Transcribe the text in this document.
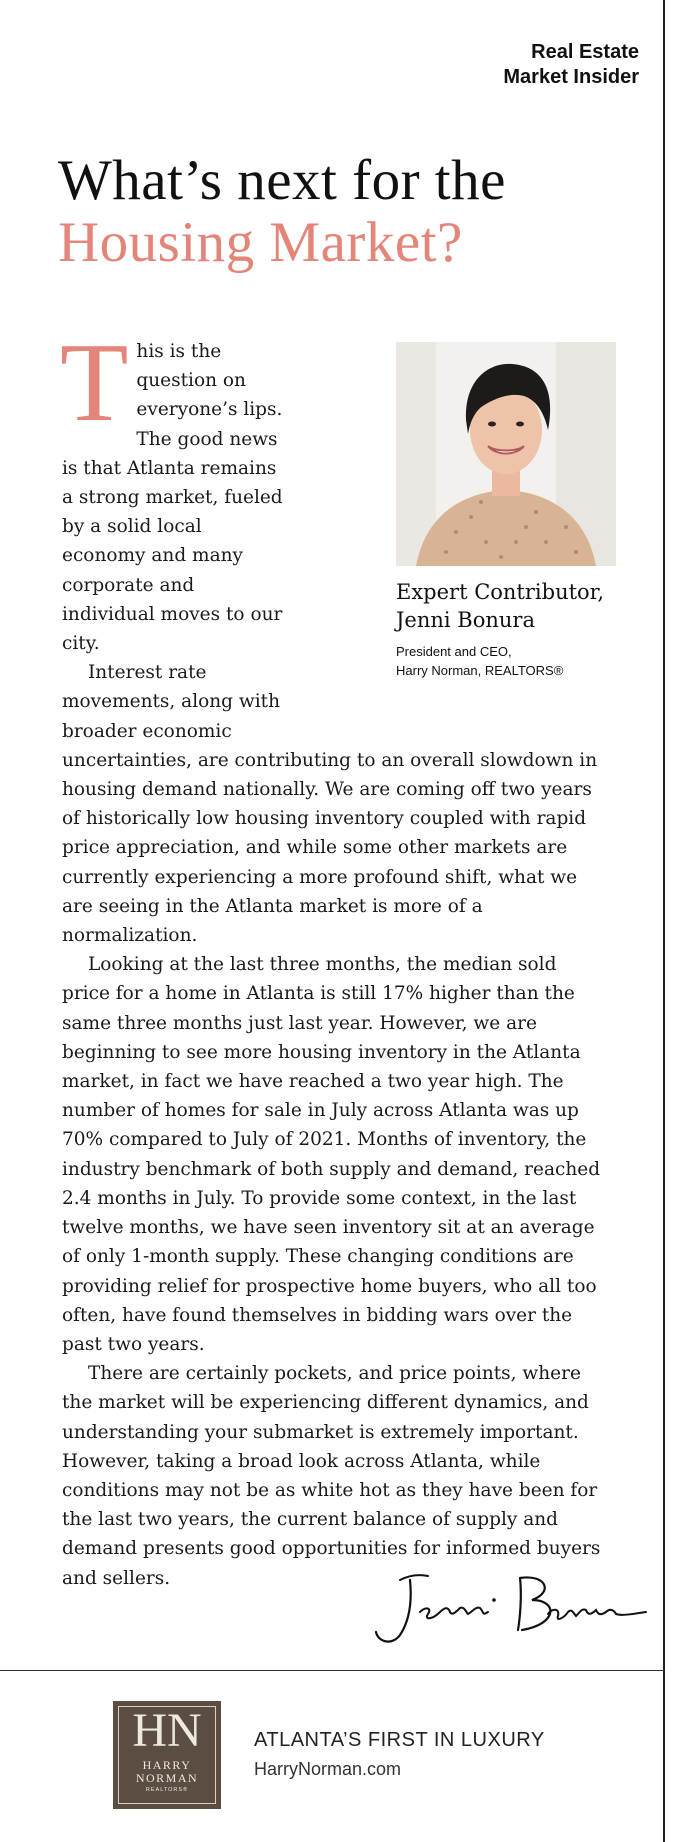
Real Estate
Market Insider
What’s next for the
Housing Market?
Expert Contributor,
Jenni Bonura
President and CEO,
Harry Norman, REALTORS®

This is the question on everyone’s lips. The good news is that Atlanta remains a strong market, fueled by a solid local economy and many corporate and individual moves to our city.

Interest rate movements, along with broader economic uncertainties, are contributing to an overall slowdown in housing demand nationally. We are coming off two years of historically low housing inventory coupled with rapid price appreciation, and while some other markets are currently experiencing a more profound shift, what we are seeing in the Atlanta market is more of a normalization.

Looking at the last three months, the median sold price for a home in Atlanta is still 17% higher than the same three months just last year. However, we are beginning to see more housing inventory in the Atlanta market, in fact we have reached a two year high. The number of homes for sale in July across Atlanta was up 70% compared to July of 2021. Months of inventory, the industry benchmark of both supply and demand, reached 2.4 months in July. To provide some context, in the last twelve months, we have seen inventory sit at an average of only 1-month supply. These changing conditions are providing relief for prospective home buyers, who all too often, have found themselves in bidding wars over the past two years.

There are certainly pockets, and price points, where the market will be experiencing different dynamics, and understanding your submarket is extremely important. However, taking a broad look across Atlanta, while conditions may not be as white hot as they have been for the last two years, the current balance of supply and demand presents good opportunities for informed buyers and sellers.

HN
HARRY
NORMAN
REALTORS®
ATLANTA’S FIRST IN LUXURY
HarryNorman.com
